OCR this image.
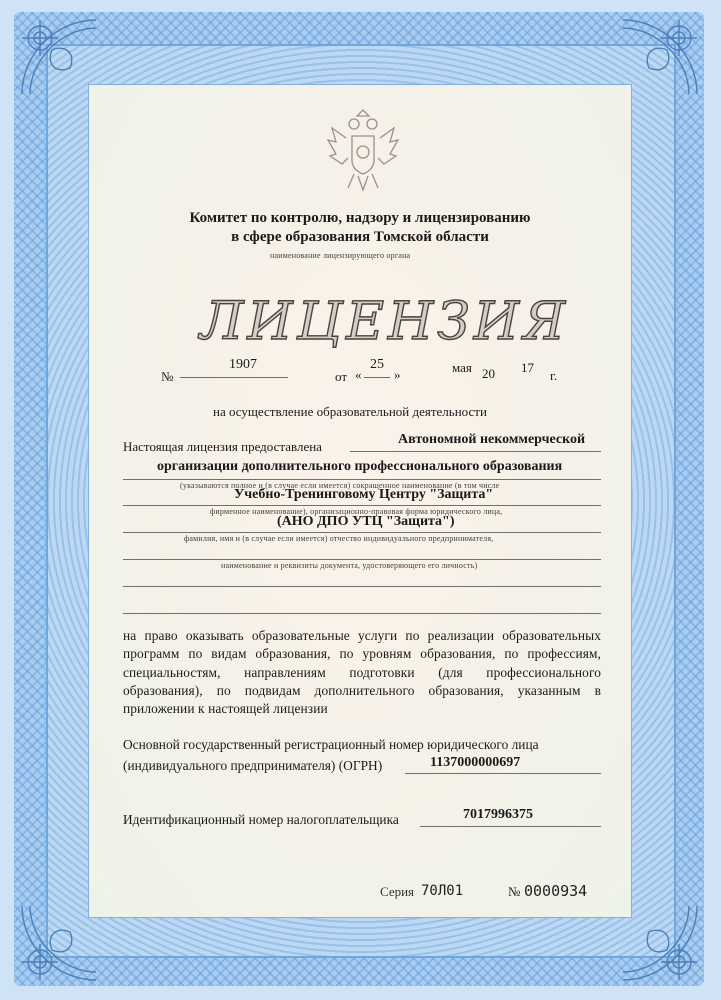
Комитет по контролю, надзору и лицензированию
в сфере образования Томской области
наименование лицензирующего органа
ЛИЦЕНЗИЯ
№
1907
от «
25
»	мая 20 17
г.
на осуществление образовательной деятельности
Настоящая лицензия предоставлена	Автономной некоммерческой
организации дополнительного профессионального образования
(указываются полное и (в случае если имеется) сокращенное наименование (в том числе
Учебно-Тренинговому Центру "Защита"
фирменное наименование), организационно-правовая форма юридического лица,
(АНО ДПО УТЦ "Защита")
фамилия, имя и (в случае если имеется) отчество индивидуального предпринимателя,
наименование и реквизиты документа, удостоверяющего его личность)
на право оказывать образовательные услуги по реализации образовательных программ по видам образования, по уровням образования, по профессиям, специальностям, направлениям подготовки (для профессионального образования), по подвидам дополнительного образования, указанным в приложении к настоящей лицензии
Основной государственный регистрационный номер юридического лица
(индивидуального предпринимателя) (ОГРН)	1137000000697
Идентификационный номер налогоплательщика	7017996375
Серия 70Л01	№ 0000934
